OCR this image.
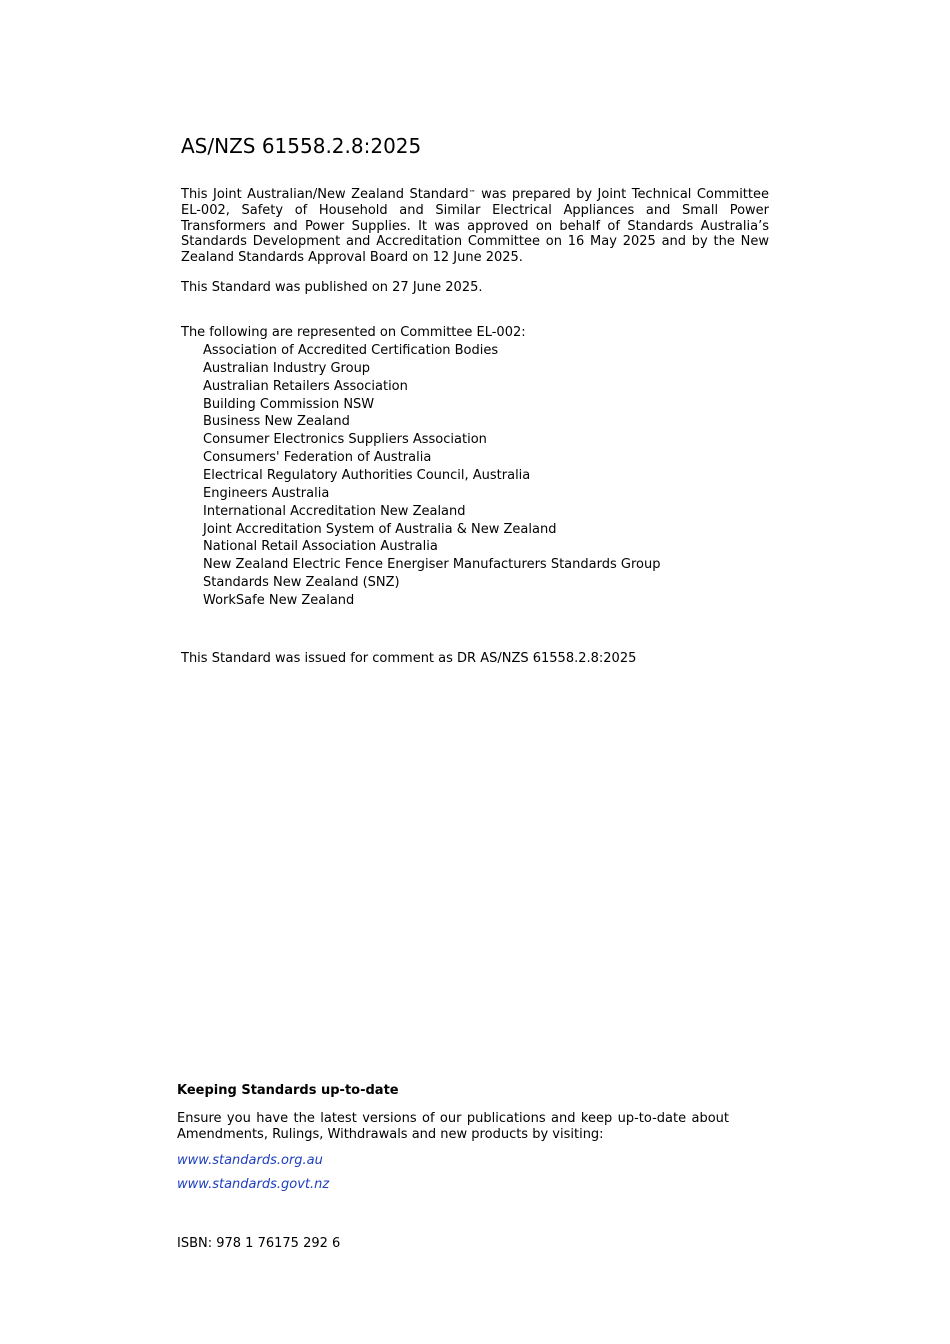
AS/NZS 61558.2.8:2025

This Joint Australian/New Zealand Standard™ was prepared by Joint Technical Committee EL-002, Safety of Household and Similar Electrical Appliances and Small Power Transformers and Power Supplies. It was approved on behalf of Standards Australia’s Standards Development and Accreditation Committee on 16 May 2025 and by the New Zealand Standards Approval Board on 12 June 2025.

This Standard was published on 27 June 2025.
The following are represented on Committee EL-002:
Association of Accredited Certification Bodies
Australian Industry Group
Australian Retailers Association
Building Commission NSW
Business New Zealand
Consumer Electronics Suppliers Association
Consumers' Federation of Australia
Electrical Regulatory Authorities Council, Australia
Engineers Australia
International Accreditation New Zealand
Joint Accreditation System of Australia & New Zealand
National Retail Association Australia
New Zealand Electric Fence Energiser Manufacturers Standards Group
Standards New Zealand (SNZ)
WorkSafe New Zealand
This Standard was issued for comment as DR AS/NZS 61558.2.8:2025
Keeping Standards up-to-date

Ensure you have the latest versions of our publications and keep up-to-date about Amendments, Rulings, Withdrawals and new products by visiting:

www.standards.org.au
www.standards.govt.nz
ISBN: 978 1 76175 292 6
